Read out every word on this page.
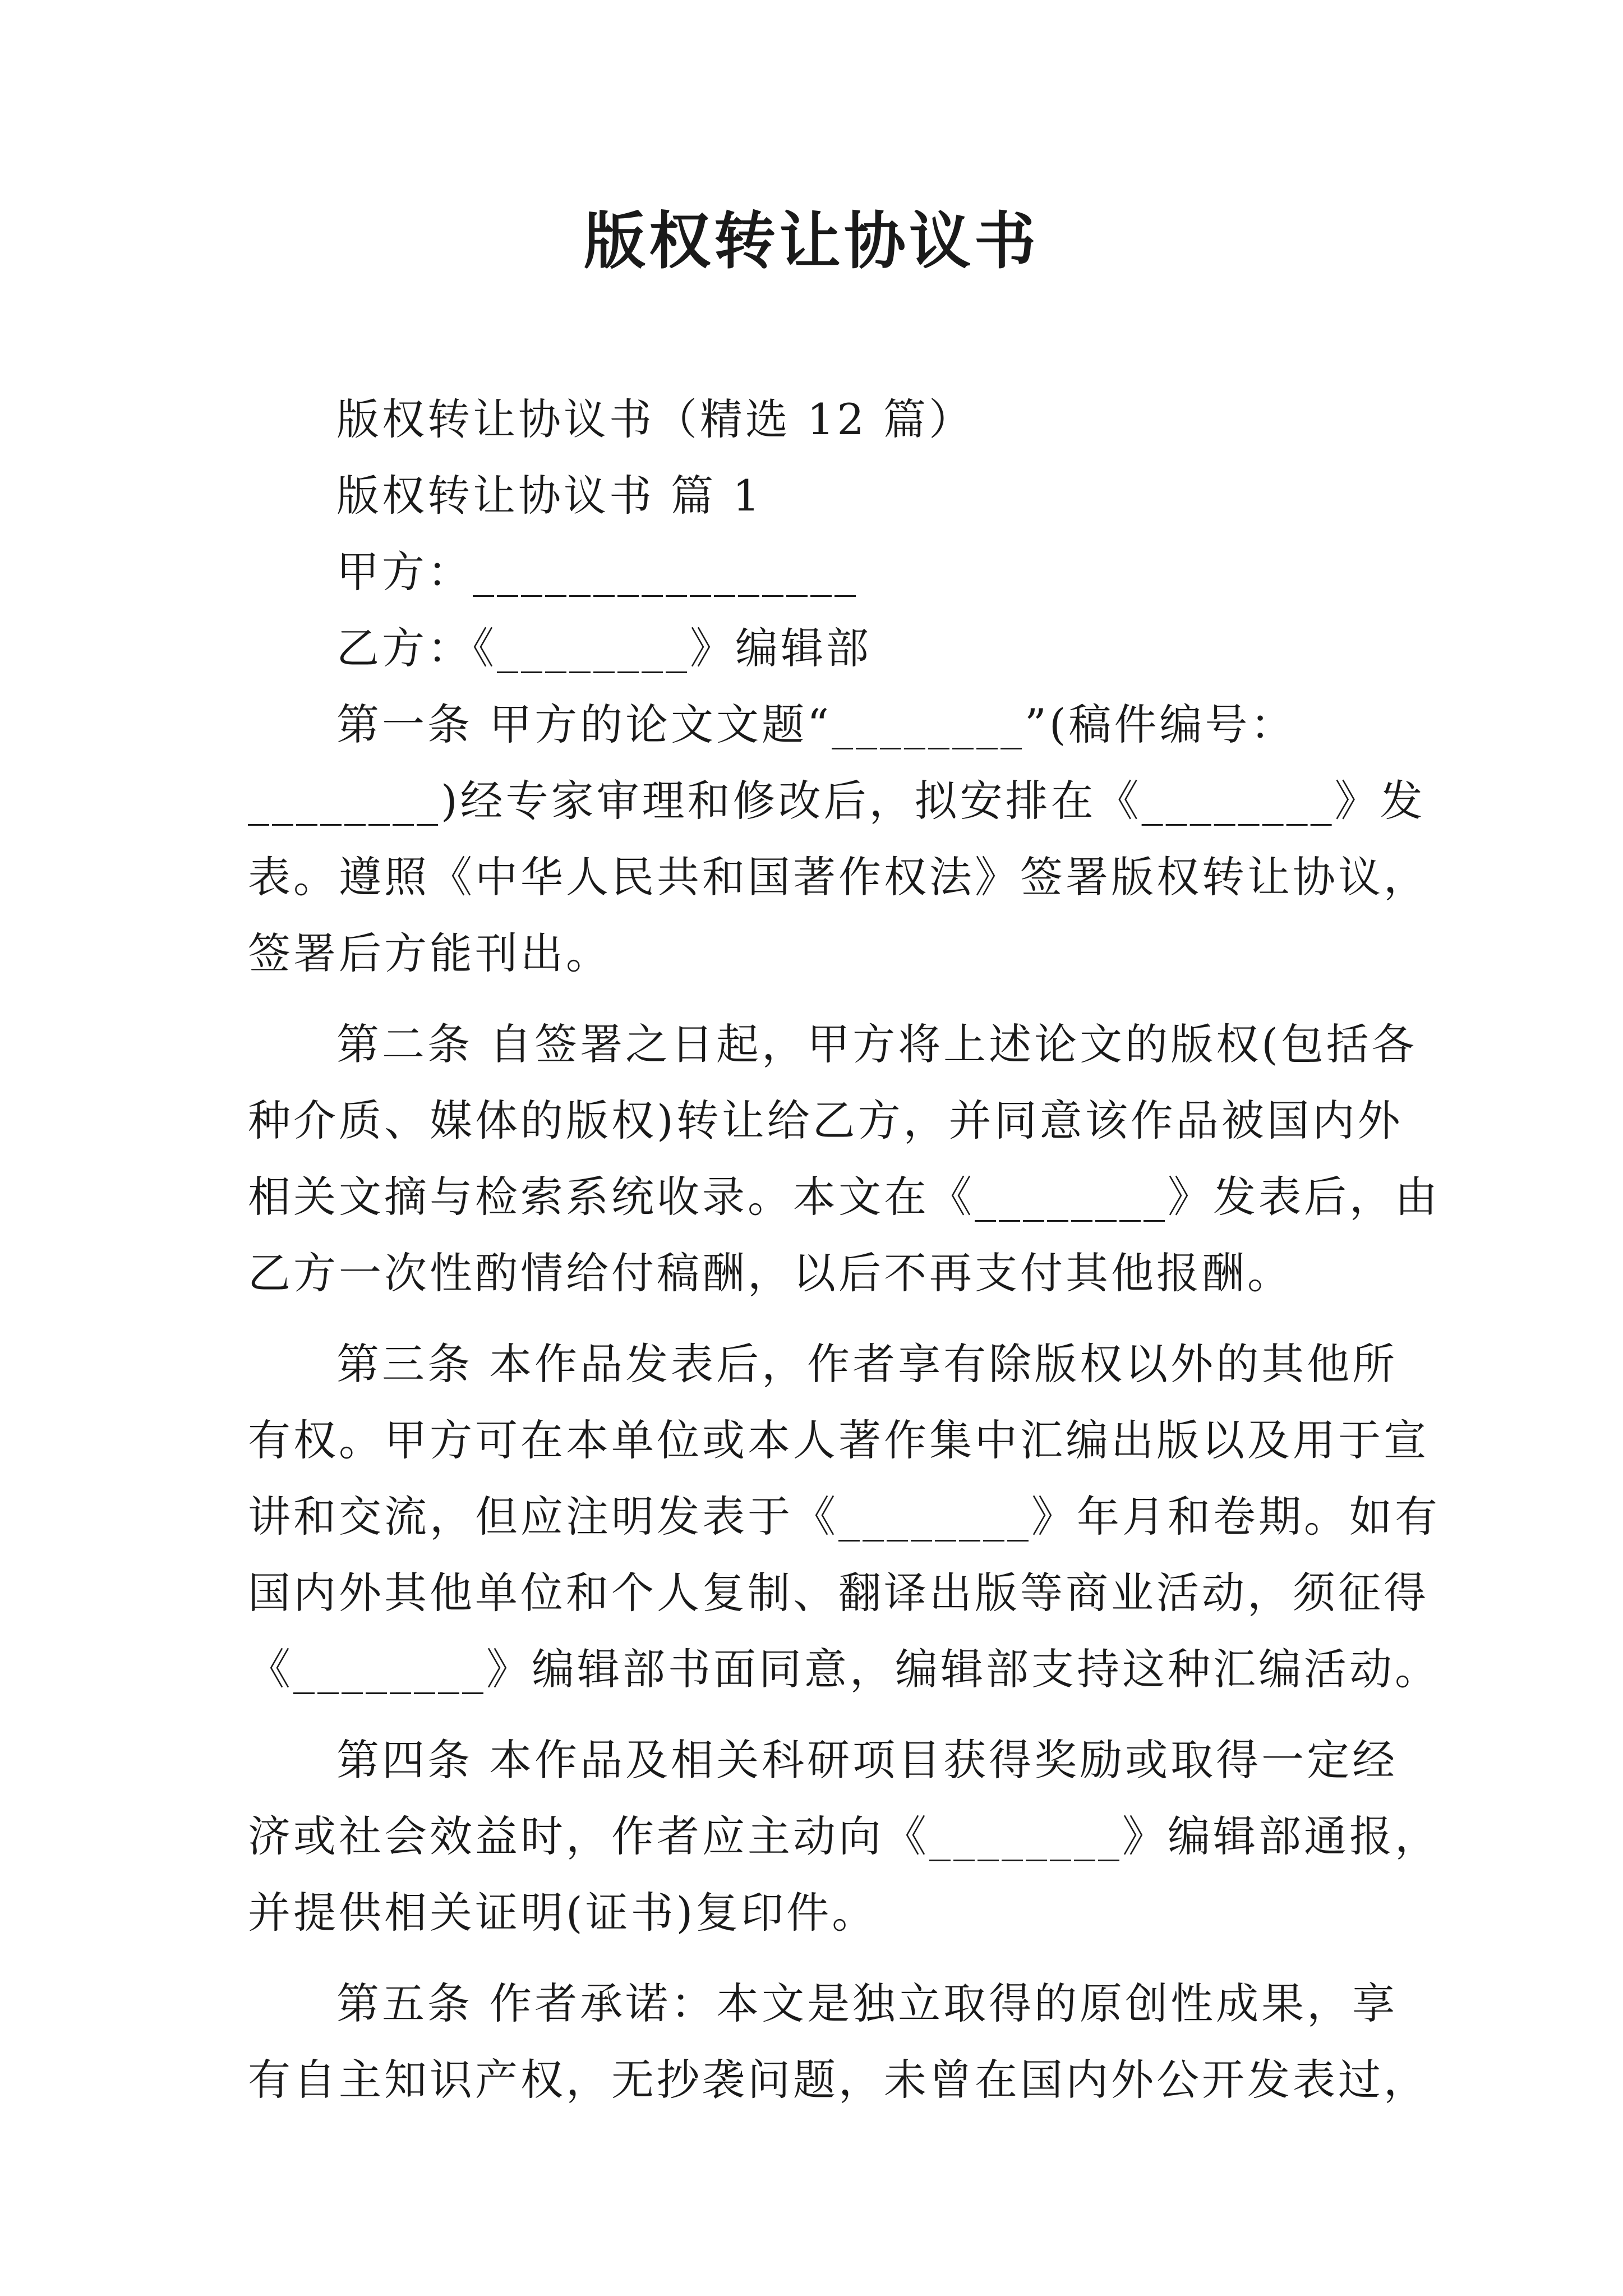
版权转让协议书
版权转让协议书（精选 12 篇）
版权转让协议书 篇 1
甲方：________________
乙方：《________》编辑部
第一条 甲方的论文文题“________”(稿件编号：
________)经专家审理和修改后，拟安排在《________》发
表。遵照《中华人民共和国著作权法》签署版权转让协议，
签署后方能刊出。
第二条 自签署之日起，甲方将上述论文的版权(包括各
种介质、媒体的版权)转让给乙方，并同意该作品被国内外
相关文摘与检索系统收录。本文在《________》发表后，由
乙方一次性酌情给付稿酬，以后不再支付其他报酬。
第三条 本作品发表后，作者享有除版权以外的其他所
有权。甲方可在本单位或本人著作集中汇编出版以及用于宣
讲和交流，但应注明发表于《________》年月和卷期。如有
国内外其他单位和个人复制、翻译出版等商业活动，须征得
《________》编辑部书面同意，编辑部支持这种汇编活动。
第四条 本作品及相关科研项目获得奖励或取得一定经
济或社会效益时，作者应主动向《________》编辑部通报，
并提供相关证明(证书)复印件。
第五条 作者承诺：本文是独立取得的原创性成果，享
有自主知识产权，无抄袭问题，未曾在国内外公开发表过，
